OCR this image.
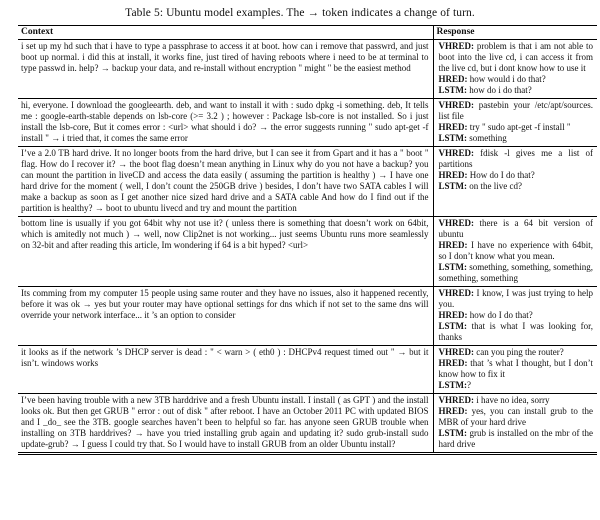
Table 5: Ubuntu model examples. The → token indicates a change of turn.
Context	Response
i set up my hd such that i have to type a passphrase to access it at boot. how can i remove that passwrd, and just boot up normal. i did this at install, it works fine, just tired of having reboots where i need to be at terminal to type passwd in. help? → backup your data, and re-install without encryption " might " be the easiest method	
VHRED: problem is that i am not able to boot into the live cd, i can access it from the live cd, but i dont know how to use it
HRED: how would i do that?
LSTM: how do i do that?

hi, everyone. I download the googleearth. deb, and want to install it with : sudo dpkg -i something. deb, It tells me : google-earth-stable depends on lsb-core (>= 3.2 ) ; however : Package lsb-core is not installed. So i just install the lsb-core, But it comes error : <url> what should i do? → the error suggests running " sudo apt-get -f install " → i tried that, it comes the same error	
VHRED: pastebin your /etc/apt/sources. list file
HRED: try " sudo apt-get -f install "
LSTM: something

I’ve a 2.0 TB hard drive. It no longer boots from the hard drive, but I can see it from Gpart and it has a " boot " flag. How do I recover it? → the boot flag doesn’t mean anything in Linux why do you not have a backup? you can mount the partition in liveCD and access the data easily ( assuming the partition is healthy ) → I have one hard drive for the moment ( well, I don’t count the 250GB drive ) besides, I don’t have two SATA cables I will make a backup as soon as I get another nice sized hard drive and a SATA cable And how do I find out if the partition is healthy? → boot to ubuntu livecd and try and mount the partition	
VHRED: fdisk -l gives me a list of partitions
HRED: How do I do that?
LSTM: on the live cd?

bottom line is usually if you got 64bit why not use it? ( unless there is something that doesn’t work on 64bit, which is amitedly not much ) → well, now Clip2net is not working... just seems Ubuntu runs more seamlessly on 32-bit and after reading this article, Im wondering if 64 is a bit hyped? <url>	
VHRED: there is a 64 bit version of ubuntu
HRED: I have no experience with 64bit, so I don’t know what you mean.
LSTM: something, something, something, something, something

Its comming from my computer 15 people using same router and they have no issues, also it happened recently, before it was ok → yes but your router may have optional settings for dns which if not set to the same dns will override your network interface... it ’s an option to consider	
VHRED: I know, I was just trying to help you.
HRED: how do I do that?
LSTM: that is what I was looking for, thanks

it looks as if the network ’s DHCP server is dead : " < warn > ( eth0 ) : DHCPv4 request timed out " → but it isn’t. windows works	VHRED: can you ping the router?
HRED: that ’s what I thought, but I don’t know how to fix it
LSTM:?

I’ve been having trouble with a new 3TB harddrive and a fresh Ubuntu install. I install ( as GPT ) and the install looks ok. But then get GRUB " error : out of disk " after reboot. I have an October 2011 PC with updated BIOS and I _do_ see the 3TB. google searches haven’t been to helpful so far. has anyone seen GRUB trouble when installing on 3TB harddrives? → have you tried installing grub again and updating it? sudo grub-install sudo update-grub? → I guess I could try that. So I would have to install GRUB from an older Ubuntu install?	
VHRED: i have no idea, sorry
HRED: yes, you can install grub to the MBR of your hard drive
LSTM: grub is installed on the mbr of the hard drive
